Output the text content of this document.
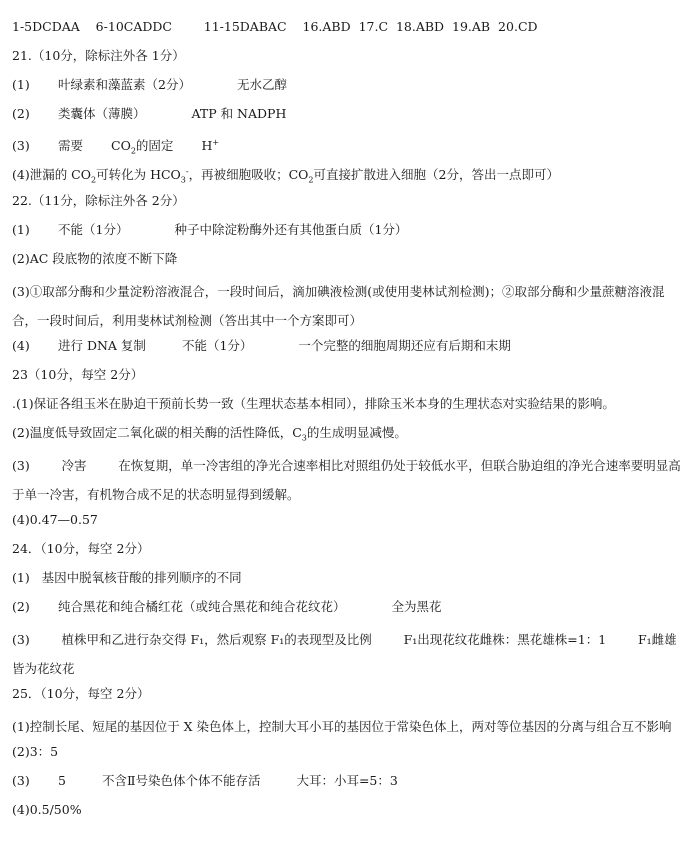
1-5DCDAA    6-10CADDC        11-15DABAC    16.ABD  17.C  18.ABD  19.AB  20.CD
21.（10分，除标注外各 1分）
(1) 叶绿素和藻蓝素（2分）	无水乙醇
(2) 类囊体（薄膜）	ATP 和 NADPH
(3) 需要 $CO_2$的固定 H+
(4)泄漏的 $CO_2$可转化为 $HCO_3^-$，再被细胞吸收；$CO_2$可直接扩散进入细胞（2分，答出一点即可）
22.（11分，除标注外各 2分）
(1) 不能（1分）	种子中除淀粉酶外还有其他蛋白质（1分）
(2)AC 段底物的浓度不断下降
(3)①取部分酶和少量淀粉溶液混合，一段时间后，滴加碘液检测(或使用斐林试剂检测)；②取部分酶和少量蔗糖溶液混合，一段时间后，利用斐林试剂检测（答出其中一个方案即可）
(4) 进行 DNA 复制	不能（1分）	一个完整的细胞周期还应有后期和末期
23（10分，每空 2分）
.(1)保证各组玉米在胁迫干预前长势一致（生理状态基本相同），排除玉米本身的生理状态对实验结果的影响。
(2)温度低导致固定二氧化碳的相关酶的活性降低，$C_3$的生成明显减慢。
(3)        冷害        在恢复期，单一冷害组的净光合速率相比对照组仍处于较低水平，但联合胁迫组的净光合速率要明显高于单一冷害，有机物合成不足的状态明显得到缓解。
(4)0.47—0.57
24．（10分，每空 2分）
(1)   基因中脱氧核苷酸的排列顺序的不同
(2) 纯合黑花和纯合橘红花（或纯合黑花和纯合花纹花）	全为黑花
(3)        植株甲和乙进行杂交得 F₁，然后观察 F₁的表现型及比例        F₁出现花纹花雌株：黑花雄株=1：1        F₁雌雄皆为花纹花
25．（10分，每空 2分）
(1)控制长尾、短尾的基因位于 X 染色体上，控制大耳小耳的基因位于常染色体上，两对等位基因的分离与组合互不影响
(2)3：5
(3) 5	不含Ⅱ号染色体个体不能存活	大耳：小耳=5：3
(4)0.5/50%
